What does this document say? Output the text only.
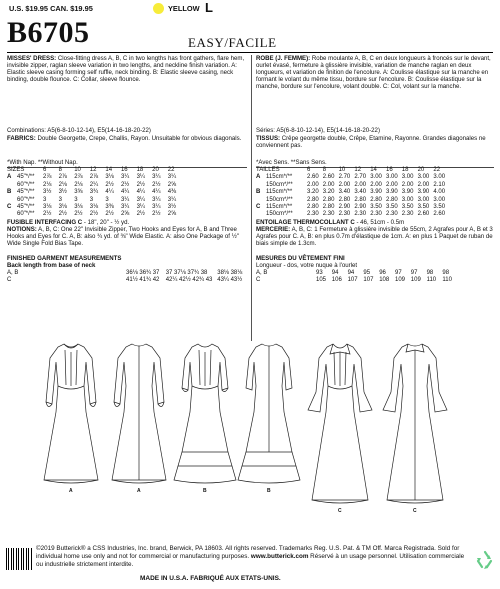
U.S. $19.95 CAN. $19.95	YELLOW L
B6705	EASY/FACILE
MISSES' DRESS: Close-fitting dress A, B, C in two lengths has front gathers, flare hem, invisible zipper, raglan sleeve variation in two lengths, and neckline finish variation. A: Elastic sleeve casing forming self ruffle, neck binding. B: Elastic sleeve casing, neck binding, double flounce. C: Collar, sleeve flounce.
Combinations: A5(6-8-10-12-14), E5(14-16-18-20-22)
FABRICS: Double Georgette, Crepe, Challis, Rayon. Unsuitable for obvious diagonals.
*With Nap. **Without Nap.
SIZES	6	8	10	12	14	16	18	20	22
A 45"*/**	2⅞	2⅞	2⅞	2⅞	3⅛	3¼	3¼	3¼	3¼
60"*/**	2⅛	2⅛	2⅛	2¼	2½	2½	2½	2½	2⅝
B 45"*/**	3½	3½	3⅝	3¾	4¼	4¼	4¼	4¼	4⅜
60"*/**	3	3	3	3	3	3¼	3¼	3¼	3¼
C 45"*/**	3⅛	3⅛	3⅛	3⅛	3⅜	3¼	3¼	3¼	3½
60"*/**	2½	2½	2½	2½	2½	2⅝	2½	2½	2⅝
FUSIBLE INTERFACING C - 18", 20" - ½ yd.
NOTIONS: A, B, C: One 22" Invisible Zipper, Two Hooks and Eyes for A, B and Three Hooks and Eyes for C. A, B: also ¾ yd. of ⅜" Wide Elastic. A: also One Package of ½" Wide Single Fold Bias Tape.
FINISHED GARMENT MEASUREMENTS
Back length from base of neck
A, B	36⅛ 36¾ 37	37 37⅛ 37¾ 38	38⅛ 38⅛
C	41½ 41¾ 42	42¼ 42½ 42¾ 43 43¼ 43½
ROBE (J. FEMME): Robe moulante A, B, C en deux longueurs à froncés sur le devant, ourlet évasé, fermeture à glissière invisible, variation de manche raglan en deux longueurs, et variation de finition de l'encolure. A: Coulisse élastique sur la manche en formant le volant du même tissu, bordure sur l'encolure. B: Coulisse élastique sur la manche, bordure sur l'encolure, volant double. C: Col, volant sur la manche.
Séries: A5(6-8-10-12-14), E5(14-16-18-20-22)
TISSUS: Crêpe georgette double, Crêpe, Etamine, Rayonne. Grandes diagonales ne conviennent pas.
*Avec Sens. **Sans Sens.
TAILLES	6	8	10	12	14	16	18	20	22
A 115cm*/**	2.60 2.60 2.70 2.70 3.00 3.00 3.00 3.00 3.00
150cm*/**	2.00 2.00 2.00 2.00 2.00 2.00 2.00 2.00 2.10
B 115cm*/**	3.20 3.20 3.40 3.40 3.90 3.90 3.90 3.90 4.00
150cm*/**	2.80 2.80 2.80 2.80 2.80 2.80 3.00 3.00 3.00
C 115cm*/**	2.80 2.80 2.90 2.90 3.50 3.50 3.50 3.50 3.50
150cm*/**	2.30 2.30 2.30 2.30 2.30 2.30 2.30 2.60 2.60
ENTOILAGE THERMOCOLLANT C - 46, 51cm - 0.5m
MERCERIE: A, B, C: 1 Fermeture à glissière invisible de 55cm, 2 Agrafes pour A, B et 3 Agrafes pour C. A, B: en plus 0.7m d'élastique de 1cm. A: en plus 1 Paquet de ruban de biais simple de 1.3cm.
MESURES DU VÊTEMENT FINI
Longueur - dos, votre nuque à l'ourlet
A, B	93	94	94	95	96	97	97	98	98
C	105 106 107 107 108 109 109 110	110
A	A	B	B
C	C
©2019 Butterick® a CSS Industries, Inc. brand, Berwick, PA 18603. All rights reserved. Trademarks Reg. U.S. Pat. & TM Off. Marca Registrada. Sold for individual home use only and not for commercial or manufacturing purposes. www.butterick.com Réservé à un usage personnel. Utilisation commerciale ou industrielle strictement interdite.
MADE IN U.S.A. FABRIQUÉ AUX ETATS-UNIS.
